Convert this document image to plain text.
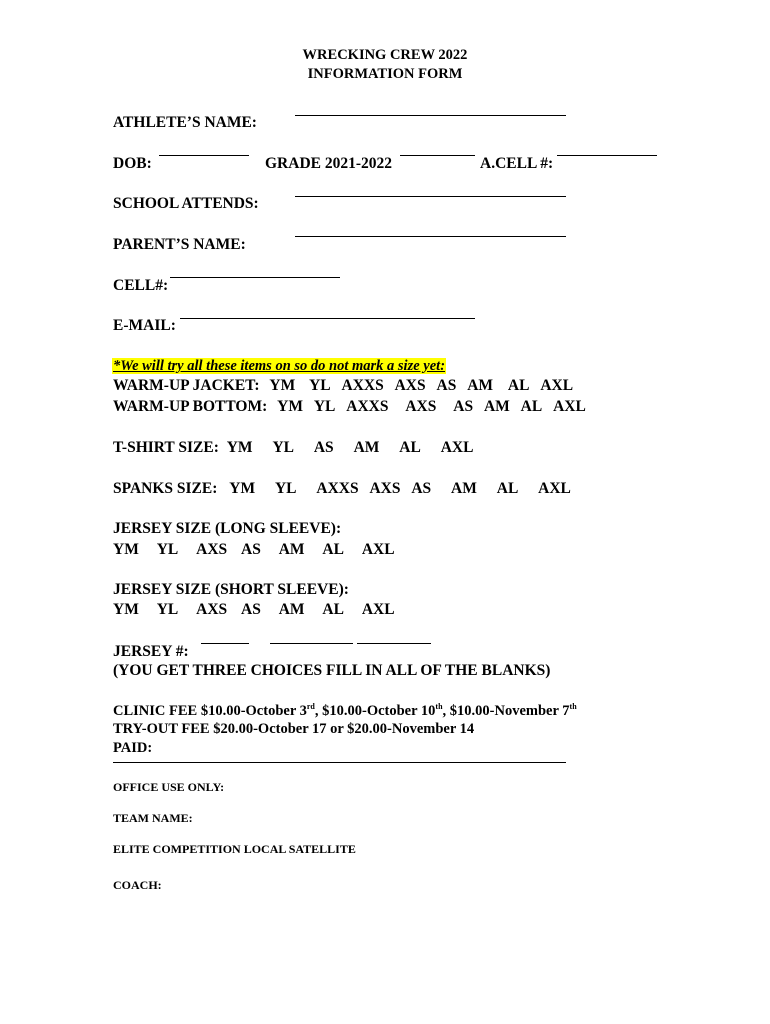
WRECKING CREW 2022
INFORMATION FORM
ATHLETE’S NAME:
DOB:	GRADE 2021-2022	A.CELL #:
SCHOOL ATTENDS:
PARENT’S NAME:
CELL#:
E-MAIL:
*We will try all these items on so do not mark a size yet:
WARM-UP JACKET: YM YL AXXS AXS AS AM AL AXL
WARM-UP BOTTOM: YM YL AXXS AXS AS AM AL AXL
T-SHIRT SIZE: YM YL AS AM AL AXL
SPANKS SIZE: YM YL AXXS AXS AS AM AL AXL
JERSEY SIZE (LONG SLEEVE):
YM YL AXS AS AM AL AXL
JERSEY SIZE (SHORT SLEEVE):
YM YL AXS AS AM AL AXL
JERSEY #:
(YOU GET THREE CHOICES FILL IN ALL OF THE BLANKS)
CLINIC FEE $10.00-October 3rd, $10.00-October 10th, $10.00-November 7th
TRY-OUT FEE $20.00-October 17 or $20.00-November 14
PAID:
OFFICE USE ONLY:
TEAM NAME:
ELITE COMPETITION LOCAL SATELLITE
COACH:
